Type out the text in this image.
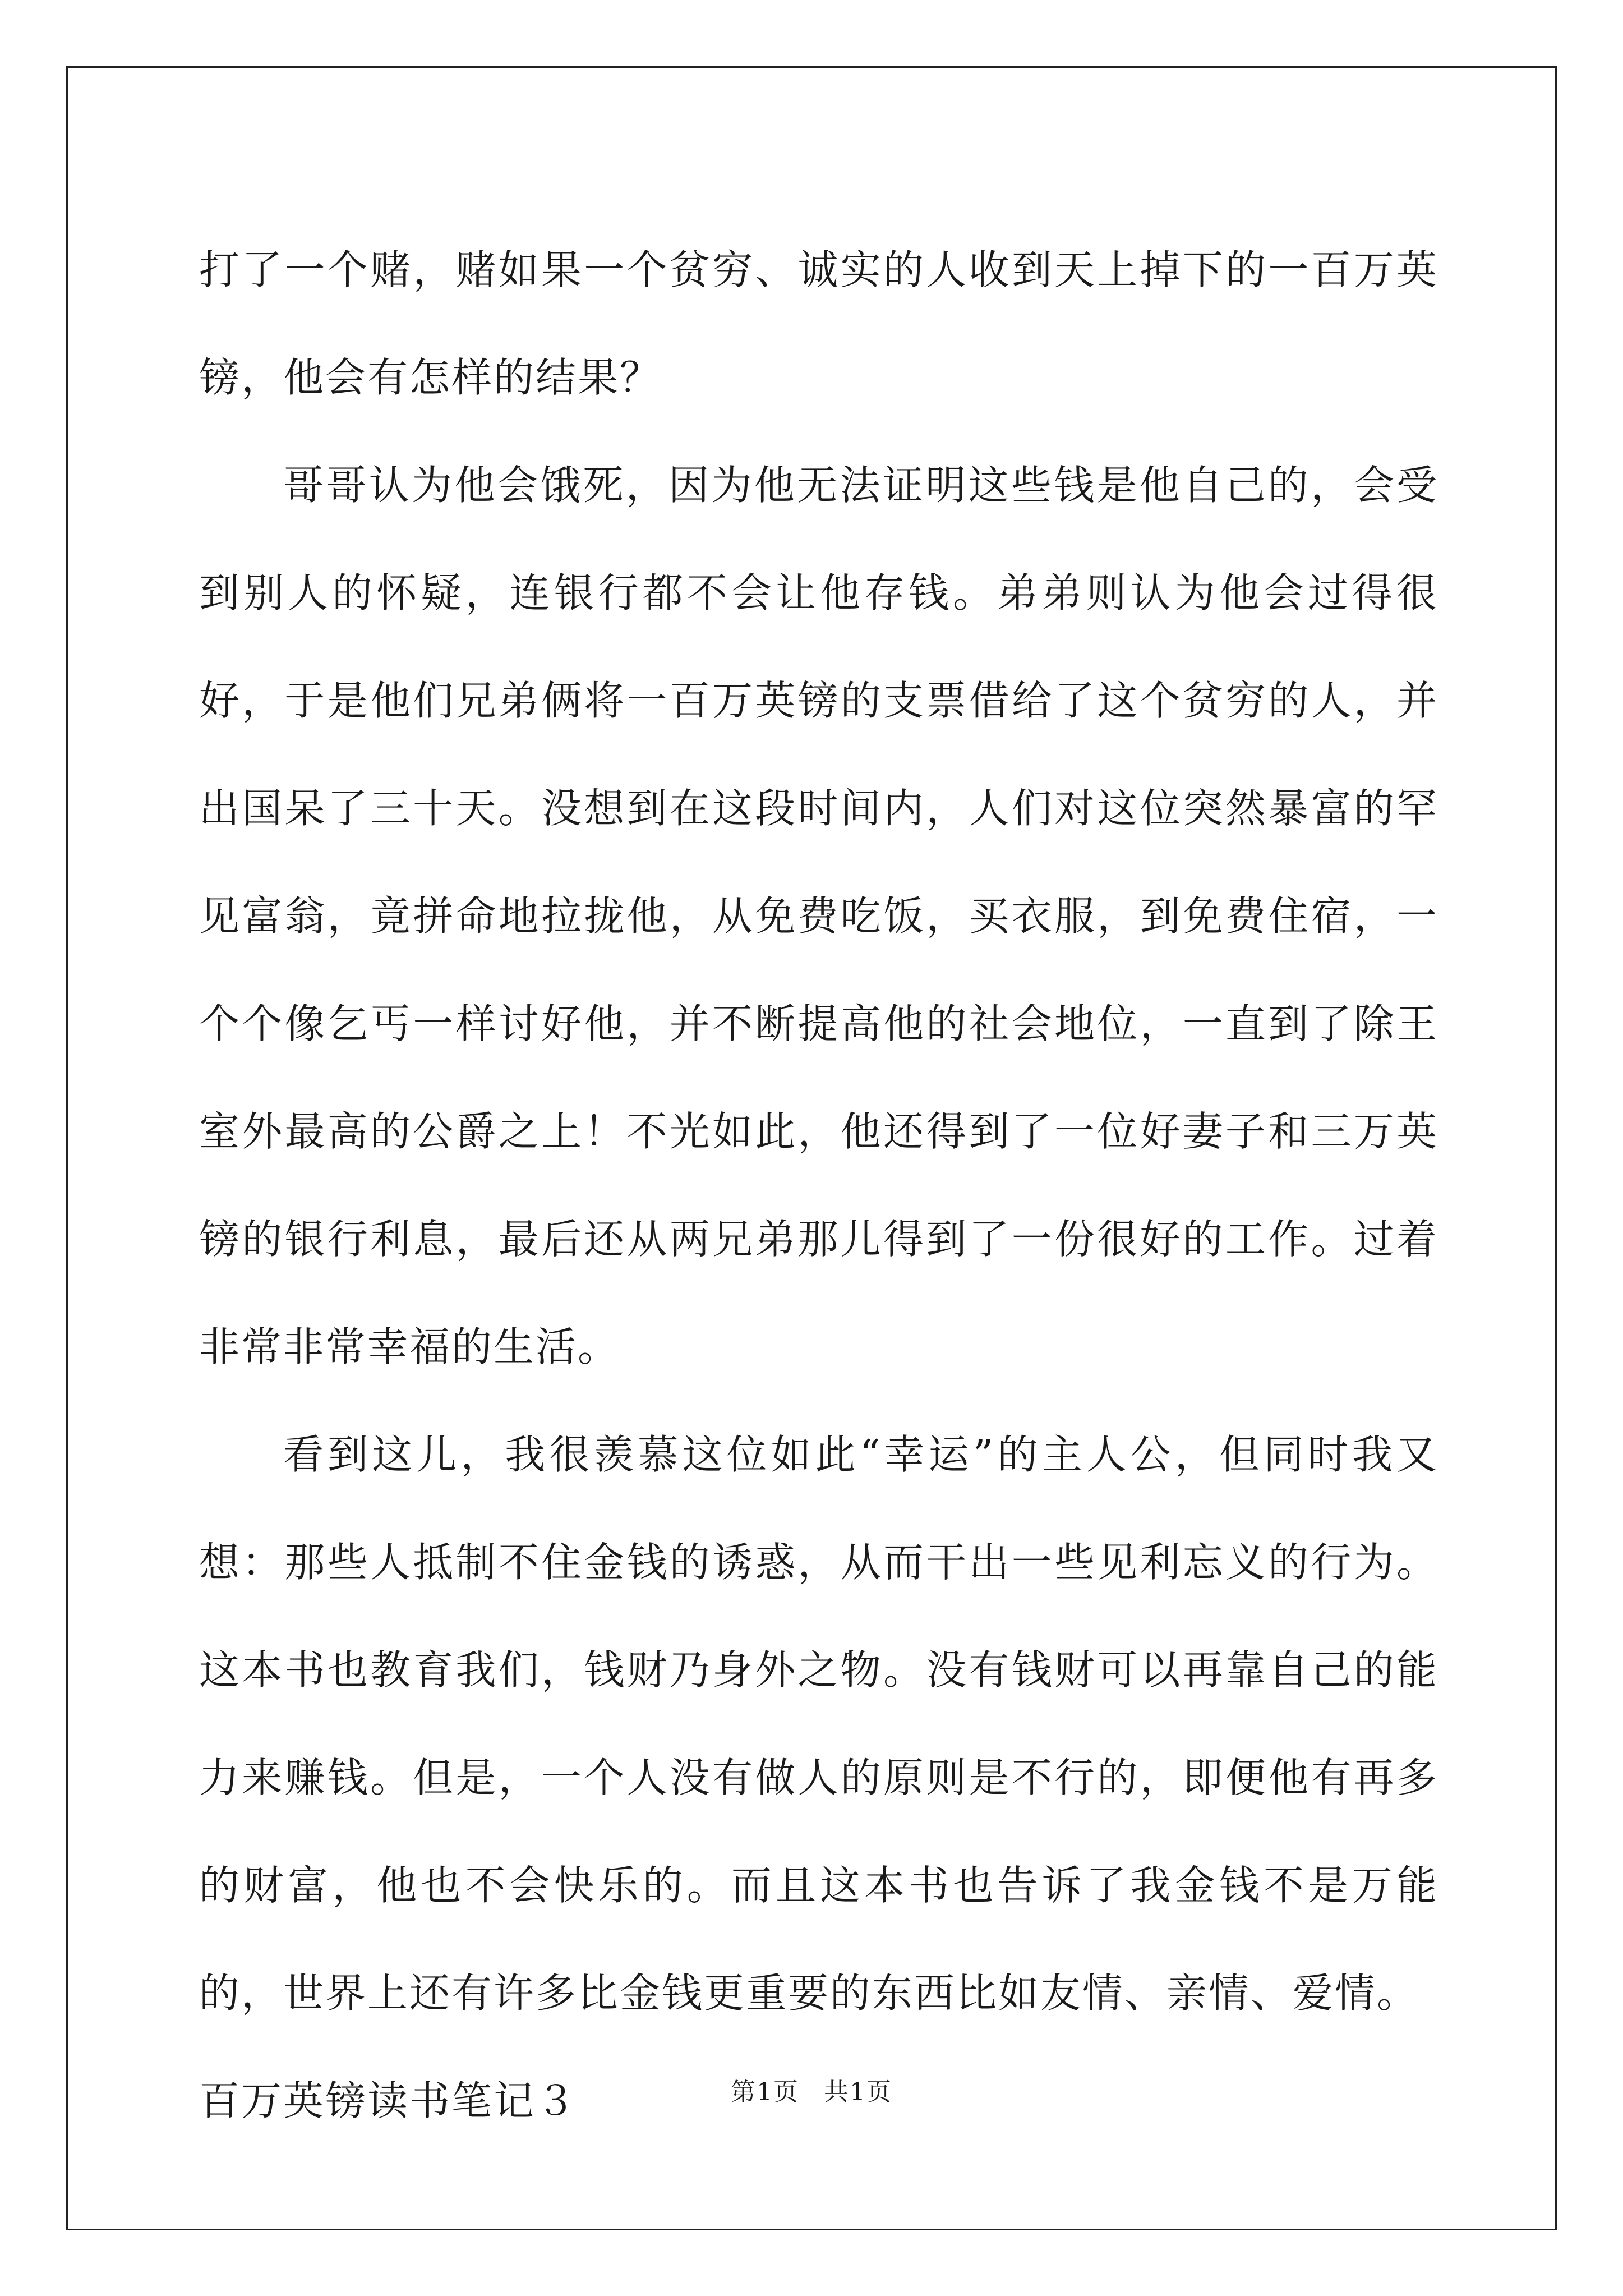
打了一个赌，赌如果一个贫穷、诚实的人收到天上掉下的一百万英镑，他会有怎样的结果？

哥哥认为他会饿死，因为他无法证明这些钱是他自己的，会受到别人的怀疑，连银行都不会让他存钱。弟弟则认为他会过得很好，于是他们兄弟俩将一百万英镑的支票借给了这个贫穷的人，并出国呆了三十天。没想到在这段时间内，人们对这位突然暴富的罕见富翁，竟拼命地拉拢他，从免费吃饭，买衣服，到免费住宿，一个个像乞丐一样讨好他，并不断提高他的社会地位，一直到了除王室外最高的公爵之上！不光如此，他还得到了一位好妻子和三万英镑的银行利息，最后还从两兄弟那儿得到了一份很好的工作。过着非常非常幸福的生活。

看到这儿，我很羡慕这位如此“幸运”的主人公，但同时我又想：那些人抵制不住金钱的诱惑，从而干出一些见利忘义的行为。这本书也教育我们，钱财乃身外之物。没有钱财可以再靠自己的能力来赚钱。但是，一个人没有做人的原则是不行的，即便他有再多的财富，他也不会快乐的。而且这本书也告诉了我金钱不是万能的，世界上还有许多比金钱更重要的东西比如友情、亲情、爱情。

百万英镑读书笔记３	第1页 共1页
